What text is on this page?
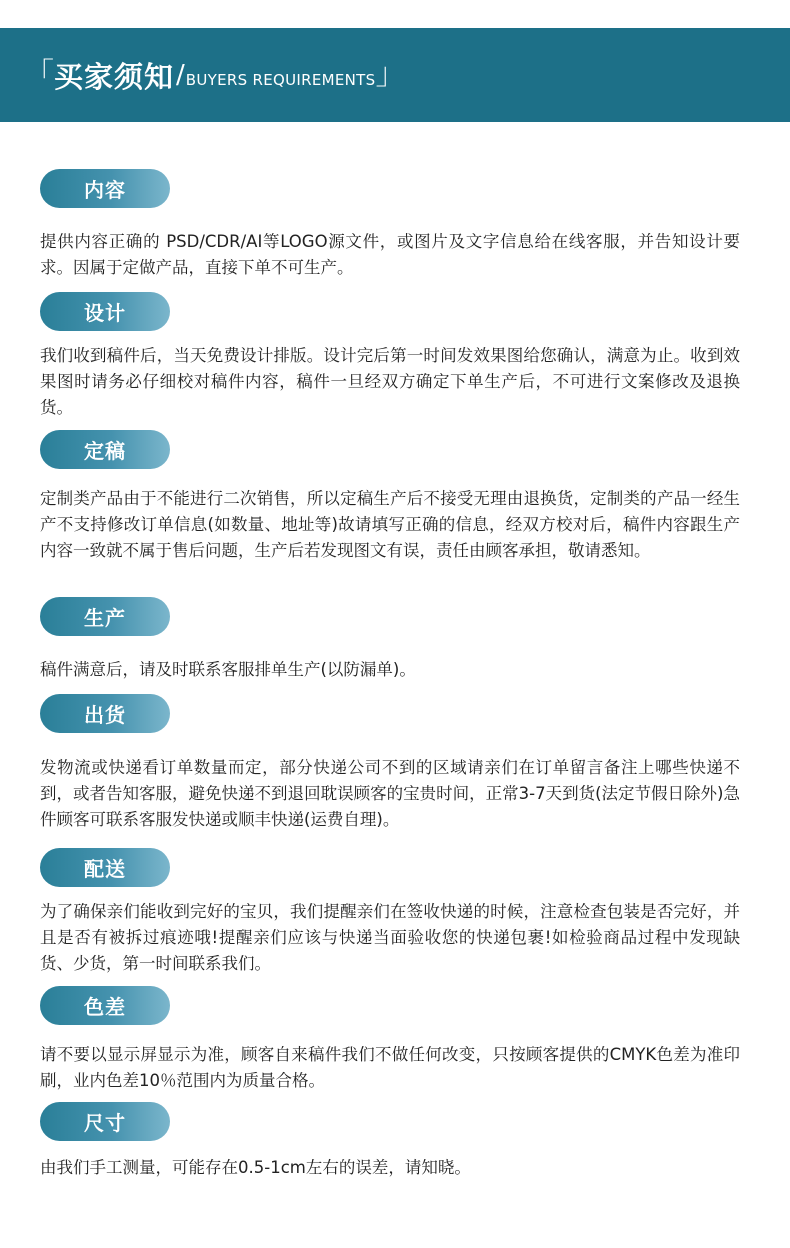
「 买家须知 / BUYERS REQUIREMENTS 」
内容
提供内容正确的 PSD/CDR/AI等LOGO源文件，或图片及文字信息给在线客服，并告知设计要求。因属于定做产品，直接下单不可生产。
设计
我们收到稿件后，当天免费设计排版。设计完后第一时间发效果图给您确认，满意为止。收到效果图时请务必仔细校对稿件内容，稿件一旦经双方确定下单生产后，不可进行文案修改及退换货。
定稿
定制类产品由于不能进行二次销售，所以定稿生产后不接受无理由退换货，定制类的产品一经生产不支持修改订单信息(如数量、地址等)故请填写正确的信息，经双方校对后，稿件内容跟生产内容一致就不属于售后问题，生产后若发现图文有误，责任由顾客承担，敬请悉知。
生产
稿件满意后，请及时联系客服排单生产(以防漏单)。
出货
发物流或快递看订单数量而定，部分快递公司不到的区域请亲们在订单留言备注上哪些快递不到，或者告知客服，避免快递不到退回耽误顾客的宝贵时间，正常3-7天到货(法定节假日除外)急件顾客可联系客服发快递或顺丰快递(运费自理)。
配送
为了确保亲们能收到完好的宝贝，我们提醒亲们在签收快递的时候，注意检查包装是否完好，并且是否有被拆过痕迹哦!提醒亲们应该与快递当面验收您的快递包裹!如检验商品过程中发现缺货、少货，第一时间联系我们。
色差
请不要以显示屏显示为准，顾客自来稿件我们不做任何改变，只按顾客提供的CMYK色差为准印刷，业内色差10％范围内为质量合格。
尺寸
由我们手工测量，可能存在0.5-1cm左右的误差，请知晓。
